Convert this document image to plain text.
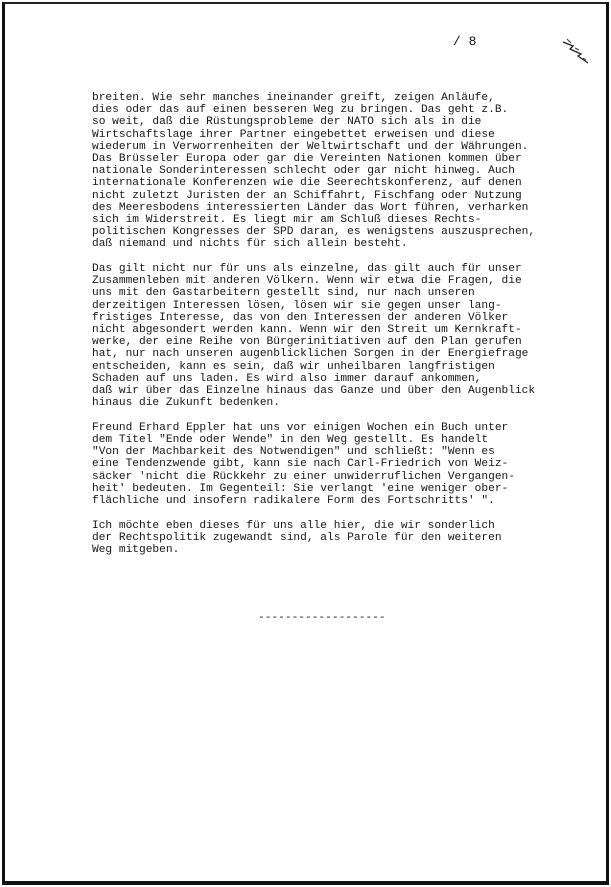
/ 8
breiten. Wie sehr manches ineinander greift, zeigen Anläufe,
dies oder das auf einen besseren Weg zu bringen. Das geht z.B.
so weit, daß die Rüstungsprobleme der NATO sich als in die
Wirtschaftslage ihrer Partner eingebettet erweisen und diese
wiederum in Verworrenheiten der Weltwirtschaft und der Währungen.
Das Brüsseler Europa oder gar die Vereinten Nationen kommen über
nationale Sonderinteressen schlecht oder gar nicht hinweg. Auch
internationale Konferenzen wie die Seerechtskonferenz, auf denen
nicht zuletzt Juristen der an Schiffahrt, Fischfang oder Nutzung
des Meeresbodens interessierten Länder das Wort führen, verharken
sich im Widerstreit. Es liegt mir am Schluß dieses Rechts-
politischen Kongresses der SPD daran, es wenigstens auszusprechen,
daß niemand und nichts für sich allein besteht.
Das gilt nicht nur für uns als einzelne, das gilt auch für unser
Zusammenleben mit anderen Völkern. Wenn wir etwa die Fragen, die
uns mit den Gastarbeitern gestellt sind, nur nach unseren
derzeitigen Interessen lösen, lösen wir sie gegen unser lang-
fristiges Interesse, das von den Interessen der anderen Völker
nicht abgesondert werden kann. Wenn wir den Streit um Kernkraft-
werke, der eine Reihe von Bürgerinitiativen auf den Plan gerufen
hat, nur nach unseren augenblicklichen Sorgen in der Energiefrage
entscheiden, kann es sein, daß wir unheilbaren langfristigen
Schaden auf uns laden. Es wird also immer darauf ankommen,
daß wir über das Einzelne hinaus das Ganze und über den Augenblick
hinaus die Zukunft bedenken.
Freund Erhard Eppler hat uns vor einigen Wochen ein Buch unter
dem Titel "Ende oder Wende" in den Weg gestellt. Es handelt
"Von der Machbarkeit des Notwendigen" und schließt: "Wenn es
eine Tendenzwende gibt, kann sie nach Carl-Friedrich von Weiz-
säcker 'nicht die Rückkehr zu einer unwiderruflichen Vergangen-
heit' bedeuten. Im Gegenteil: Sie verlangt 'eine weniger ober-
flächliche und insofern radikalere Form des Fortschritts' ".
Ich möchte eben dieses für uns alle hier, die wir sonderlich
der Rechtspolitik zugewandt sind, als Parole für den weiteren
Weg mitgeben.
-------------------
